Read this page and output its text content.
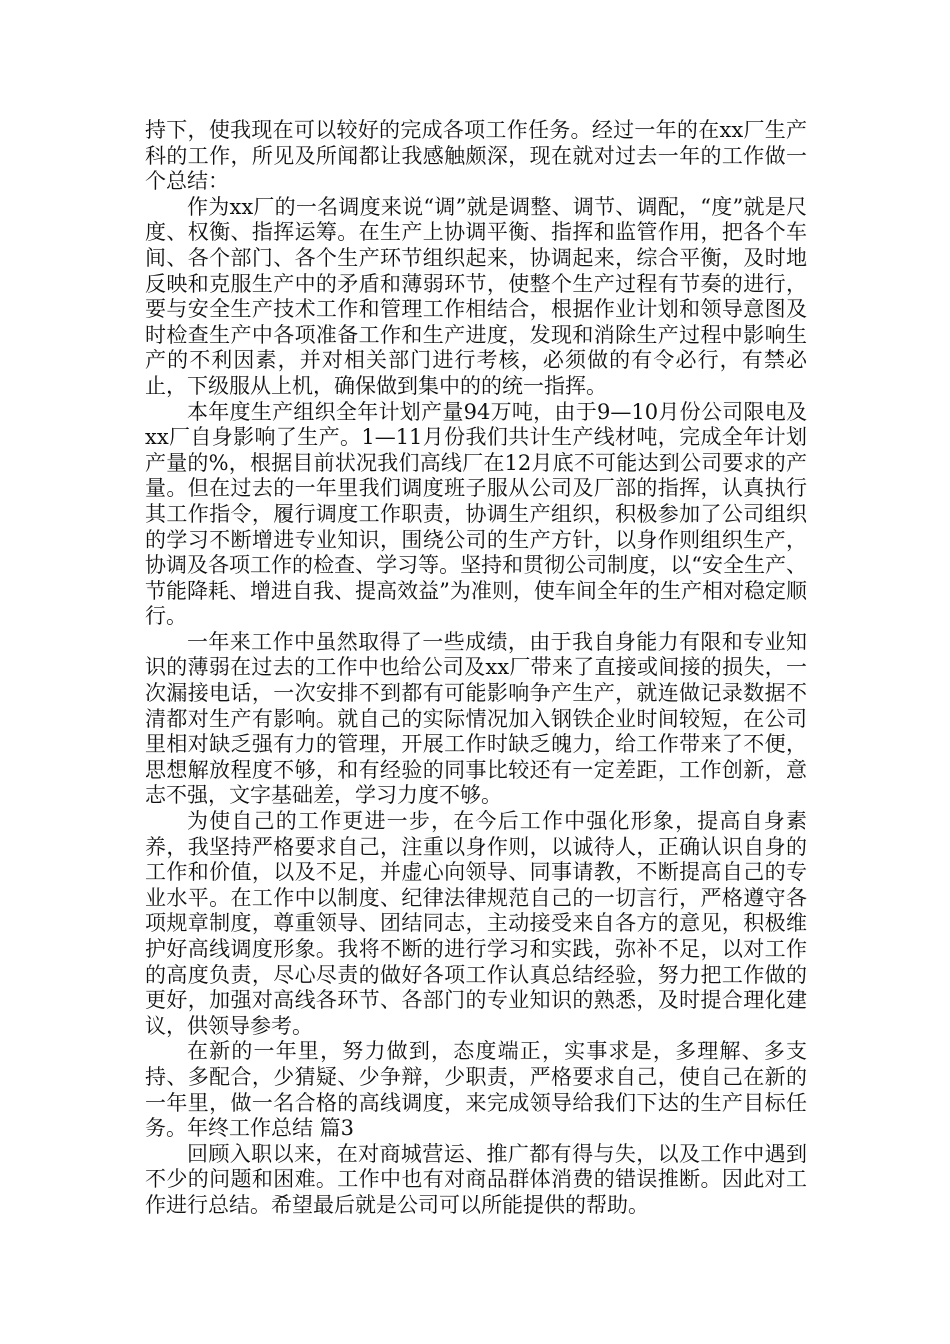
持下，使我现在可以较好的完成各项工作任务。经过一年的在xx厂生产科的工作，所见及所闻都让我感触颇深，现在就对过去一年的工作做一个总结：

作为xx厂的一名调度来说“调”就是调整、调节、调配，“度”就是尺度、权衡、指挥运筹。在生产上协调平衡、指挥和监管作用，把各个车间、各个部门、各个生产环节组织起来，协调起来，综合平衡，及时地反映和克服生产中的矛盾和薄弱环节，使整个生产过程有节奏的进行，要与安全生产技术工作和管理工作相结合，根据作业计划和领导意图及时检查生产中各项准备工作和生产进度，发现和消除生产过程中影响生产的不利因素，并对相关部门进行考核，必须做的有令必行，有禁必止，下级服从上机，确保做到集中的的统一指挥。

本年度生产组织全年计划产量94万吨，由于9—10月份公司限电及xx厂自身影响了生产。1—11月份我们共计生产线材吨，完成全年计划产量的%，根据目前状况我们高线厂在12月底不可能达到公司要求的产量。但在过去的一年里我们调度班子服从公司及厂部的指挥，认真执行其工作指令，履行调度工作职责，协调生产组织，积极参加了公司组织的学习不断增进专业知识，围绕公司的生产方针，以身作则组织生产，协调及各项工作的检查、学习等。坚持和贯彻公司制度，以“安全生产、节能降耗、增进自我、提高效益”为准则，使车间全年的生产相对稳定顺行。

一年来工作中虽然取得了一些成绩，由于我自身能力有限和专业知识的薄弱在过去的工作中也给公司及xx厂带来了直接或间接的损失，一次漏接电话，一次安排不到都有可能影响争产生产，就连做记录数据不清都对生产有影响。就自己的实际情况加入钢铁企业时间较短，在公司里相对缺乏强有力的管理，开展工作时缺乏魄力，给工作带来了不便，思想解放程度不够，和有经验的同事比较还有一定差距，工作创新，意志不强，文字基础差，学习力度不够。

为使自己的工作更进一步，在今后工作中强化形象，提高自身素养，我坚持严格要求自己，注重以身作则，以诚待人，正确认识自身的工作和价值，以及不足，并虚心向领导、同事请教，不断提高自己的专业水平。在工作中以制度、纪律法律规范自己的一切言行，严格遵守各项规章制度，尊重领导、团结同志，主动接受来自各方的意见，积极维护好高线调度形象。我将不断的进行学习和实践，弥补不足，以对工作的高度负责，尽心尽责的做好各项工作认真总结经验，努力把工作做的更好，加强对高线各环节、各部门的专业知识的熟悉，及时提合理化建议，供领导参考。

在新的一年里，努力做到，态度端正，实事求是，多理解、多支持、多配合，少猜疑、少争辩，少职责，严格要求自己，使自己在新的一年里，做一名合格的高线调度，来完成领导给我们下达的生产目标任务。年终工作总结 篇3

回顾入职以来，在对商城营运、推广都有得与失，以及工作中遇到不少的问题和困难。工作中也有对商品群体消费的错误推断。因此对工作进行总结。希望最后就是公司可以所能提供的帮助。
